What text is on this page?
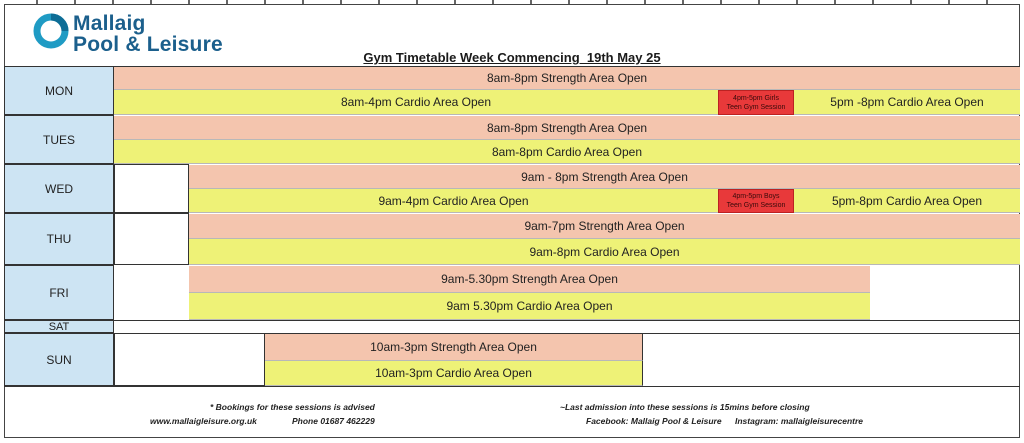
Mallaig
Pool & Leisure
Gym Timetable Week Commencing  19th May 25
MON
8am-8pm Strength Area Open
8am-4pm Cardio Area Open	4pm-5pm Girls
Teen Gym Session	5pm -8pm Cardio Area Open
TUES
8am-8pm Strength Area Open
8am-8pm Cardio Area Open
WED
9am - 8pm Strength Area Open
9am-4pm Cardio Area Open	4pm-5pm Boys
Teen Gym Session	5pm-8pm Cardio Area Open
THU
9am-7pm Strength Area Open
9am-8pm Cardio Area Open
FRI
9am-5.30pm Strength Area Open
9am 5.30pm Cardio Area Open
SAT
SUN
10am-3pm Strength Area Open
10am-3pm Cardio Area Open
* Bookings for these sessions is advised	~Last admission into these sessions is 15mins before closing
www.mallaigleisure.org.uk	Phone 01687 462229	Facebook: Mallaig Pool & Leisure Instagram: mallaigleisurecentre
